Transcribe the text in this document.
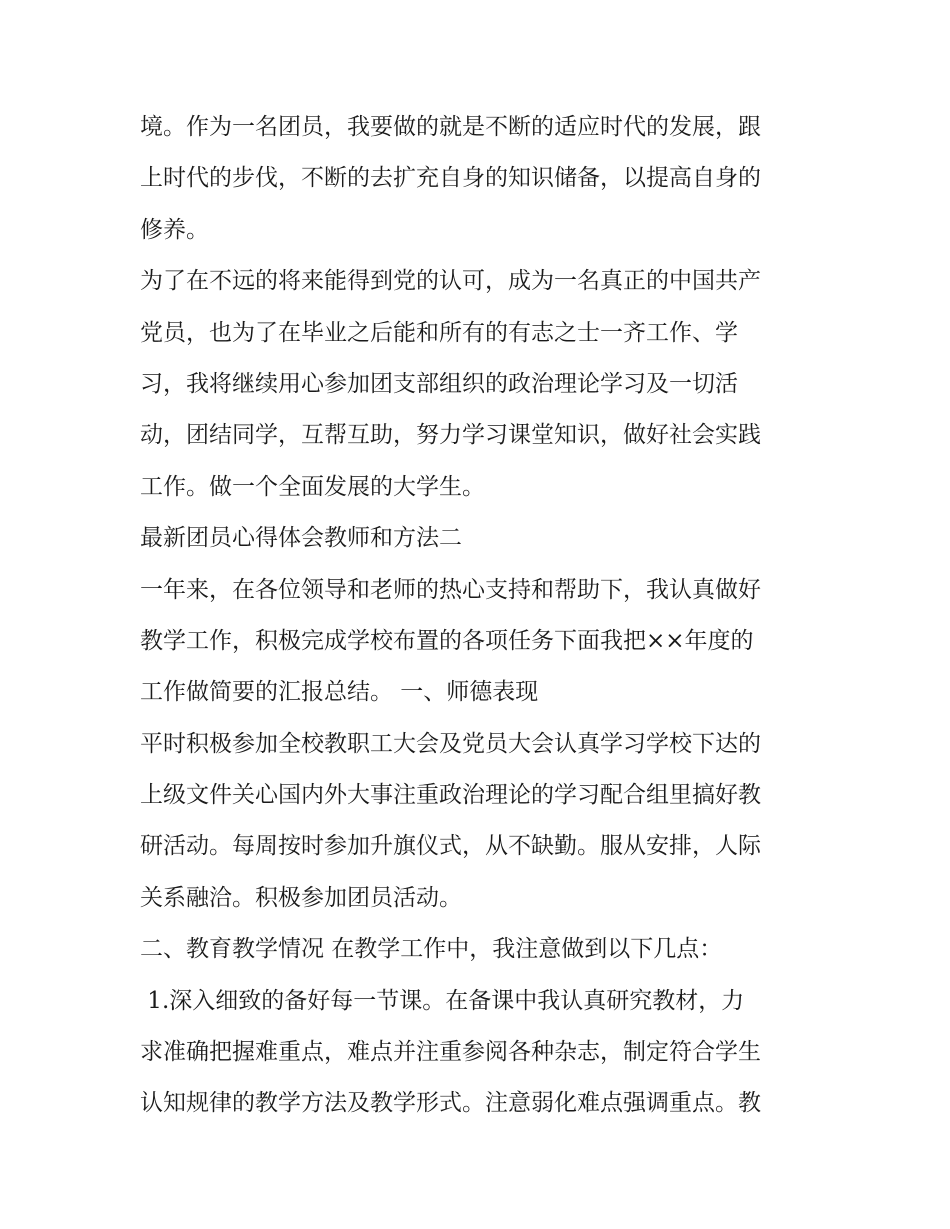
境。作为一名团员，我要做的就是不断的适应时代的发展，跟
上时代的步伐，不断的去扩充自身的知识储备，以提高自身的
修养。
为了在不远的将来能得到党的认可，成为一名真正的中国共产
党员，也为了在毕业之后能和所有的有志之士一齐工作、学
习，我将继续用心参加团支部组织的政治理论学习及一切活
动，团结同学，互帮互助，努力学习课堂知识，做好社会实践
工作。做一个全面发展的大学生。
最新团员心得体会教师和方法二
一年来，在各位领导和老师的热心支持和帮助下，我认真做好
教学工作，积极完成学校布置的各项任务下面我把××年度的
工作做简要的汇报总结。 一、师德表现
平时积极参加全校教职工大会及党员大会认真学习学校下达的
上级文件关心国内外大事注重政治理论的学习配合组里搞好教
研活动。每周按时参加升旗仪式，从不缺勤。服从安排，人际
关系融洽。积极参加团员活动。
二、教育教学情况 在教学工作中，我注意做到以下几点：
1.深入细致的备好每一节课。在备课中我认真研究教材，力
求准确把握难重点，难点并注重参阅各种杂志，制定符合学生
认知规律的教学方法及教学形式。注意弱化难点强调重点。教
